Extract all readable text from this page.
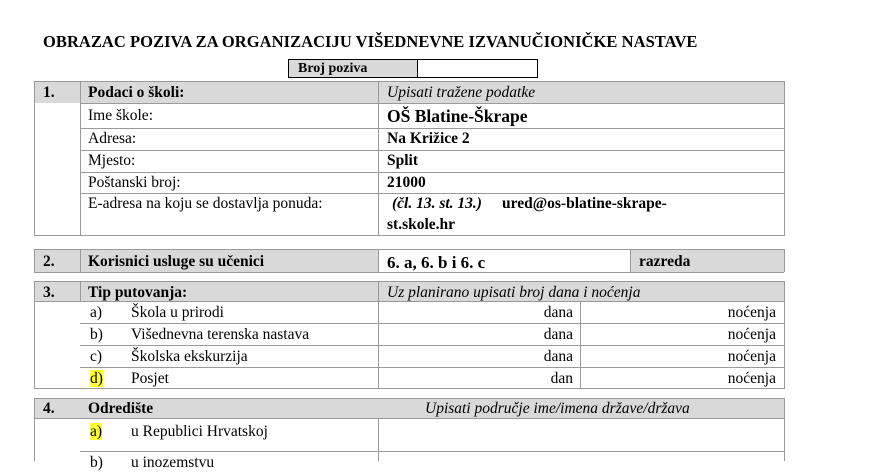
OBRAZAC POZIVA ZA ORGANIZACIJU VIŠEDNEVNE IZVANUČIONIČKE NASTAVE
Broj poziva
1. Podaci o školi:	Upisati tražene podatke
Ime škole:	OŠ Blatine-Škrape
Adresa:	Na Križice 2
Mjesto:	Split
Poštanski broj:	21000
E-adresa na koju se dostavlja ponuda:	(čl. 13. st. 13.) ured@os-blatine-skrape-
st.skole.hr
2. Korisnici usluge su učenici	6. a, 6. b i 6. c	razreda
3. Tip putovanja:	Uz planirano upisati broj dana i noćenja
a) Škola u prirodi	dana	noćenja
b) Višednevna terenska nastava	dana	noćenja
c) Školska ekskurzija	dana	noćenja
d) Posjet	dan	noćenja
4. Odredište	Upisati područje ime/imena države/država
a) u Republici Hrvatskoj
b) u inozemstvu
